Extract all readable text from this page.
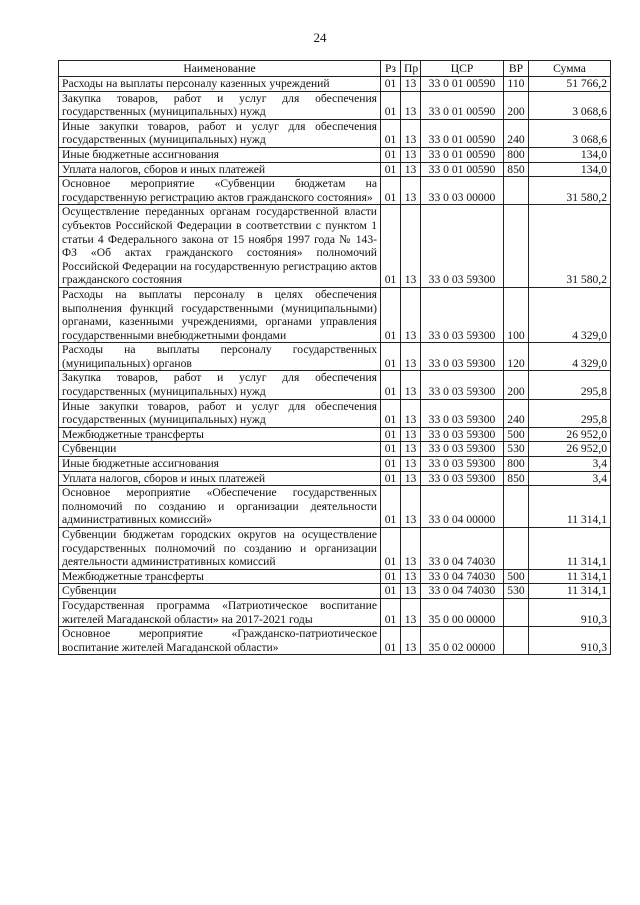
24
Наименование	Рз	Пр	ЦСР	ВР	Сумма
Расходы на выплаты персоналу казенных учреждений	01	13	33 0 01 00590	110	51 766,2
Закупка товаров, работ и услуг для обеспечения государственных (муниципальных) нужд	01	13	33 0 01 00590	200	3 068,6
Иные закупки товаров, работ и услуг для обеспечения государственных (муниципальных) нужд	01	13	33 0 01 00590	240	3 068,6
Иные бюджетные ассигнования	01	13	33 0 01 00590	800	134,0
Уплата налогов, сборов и иных платежей	01	13	33 0 01 00590	850	134,0
Основное мероприятие «Субвенции бюджетам на государственную регистрацию актов гражданского состояния»	01	13	33 0 03 00000		31 580,2
Осуществление переданных органам государственной власти субъектов Российской Федерации в соответствии с пунктом 1 статьи 4 Федерального закона от 15 ноября 1997 года № 143-ФЗ «Об актах гражданского состояния» полномочий Российской Федерации на государственную регистрацию актов гражданского состояния	01	13	33 0 03 59300		31 580,2
Расходы на выплаты персоналу в целях обеспечения выполнения функций государственными (муниципальными) органами, казенными учреждениями, органами управления государственными внебюджетными фондами	01	13	33 0 03 59300	100	4 329,0
Расходы на выплаты персоналу государственных (муниципальных) органов	01	13	33 0 03 59300	120	4 329,0
Закупка товаров, работ и услуг для обеспечения государственных (муниципальных) нужд	01	13	33 0 03 59300	200	295,8
Иные закупки товаров, работ и услуг для обеспечения государственных (муниципальных) нужд	01	13	33 0 03 59300	240	295,8
Межбюджетные трансферты	01	13	33 0 03 59300	500	26 952,0
Субвенции	01	13	33 0 03 59300	530	26 952,0
Иные бюджетные ассигнования	01	13	33 0 03 59300	800	3,4
Уплата налогов, сборов и иных платежей	01	13	33 0 03 59300	850	3,4
Основное мероприятие «Обеспечение государственных полномочий по созданию и организации деятельности административных комиссий»	01	13	33 0 04 00000		11 314,1
Субвенции бюджетам городских округов на осуществление государственных полномочий по созданию и организации деятельности административных комиссий	01	13	33 0 04 74030		11 314,1
Межбюджетные трансферты	01	13	33 0 04 74030	500	11 314,1
Субвенции	01	13	33 0 04 74030	530	11 314,1
Государственная программа «Патриотическое воспитание жителей Магаданской области» на 2017-2021 годы	01	13	35 0 00 00000		910,3
Основное мероприятие «Гражданско-патриотическое воспитание жителей Магаданской области»	01	13	35 0 02 00000		910,3
